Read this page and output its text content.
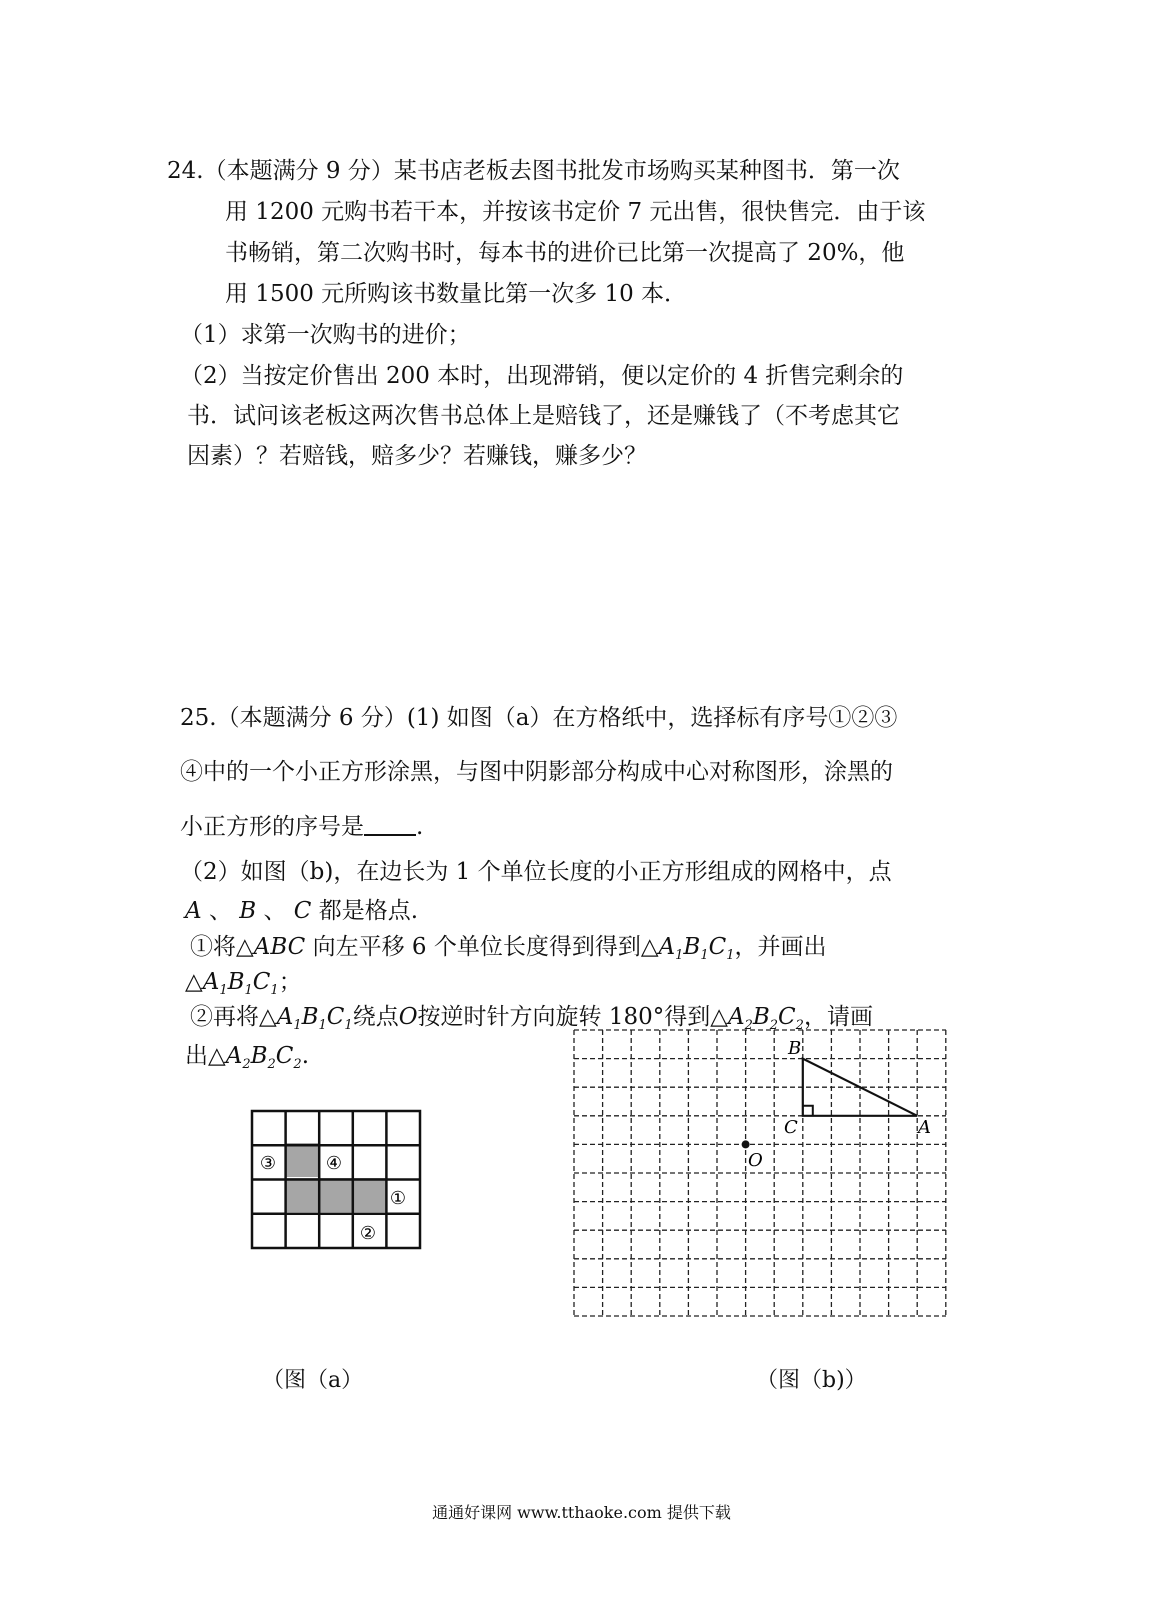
24.（本题满分 9 分）某书店老板去图书批发市场购买某种图书．第一次
用 1200 元购书若干本，并按该书定价 7 元出售，很快售完．由于该
书畅销，第二次购书时，每本书的进价已比第一次提高了 20%，他
用 1500 元所购该书数量比第一次多 10 本．
（1）求第一次购书的进价；
（2）当按定价售出 200 本时，出现滞销，便以定价的 4 折售完剩余的
书．试问该老板这两次售书总体上是赔钱了，还是赚钱了（不考虑其它
因素）？若赔钱，赔多少？若赚钱，赚多少？
25.（本题满分 6 分）(1) 如图（a）在方格纸中，选择标有序号①②③
④中的一个小正方形涂黑，与图中阴影部分构成中心对称图形，涂黑的
小正方形的序号是 .
（2）如图（b)，在边长为 1 个单位长度的小正方形组成的网格中，点
A 、 B 、 C 都是格点.
①将△ABC 向左平移 6 个单位长度得到得到$\triangle A_1B_1C_1$，并画出
$\triangle A_1B_1C_1$；
②再将$\triangle A_1B_1C_1$绕点O按逆时针方向旋转 180°得到$\triangle A_2B_2C_2$，请画
出$\triangle A_2B_2C_2$.
③	④
①
②
B
C	A
O
（图（a）	（图（b)）
通通好课网 www.tthaoke.com 提供下载
